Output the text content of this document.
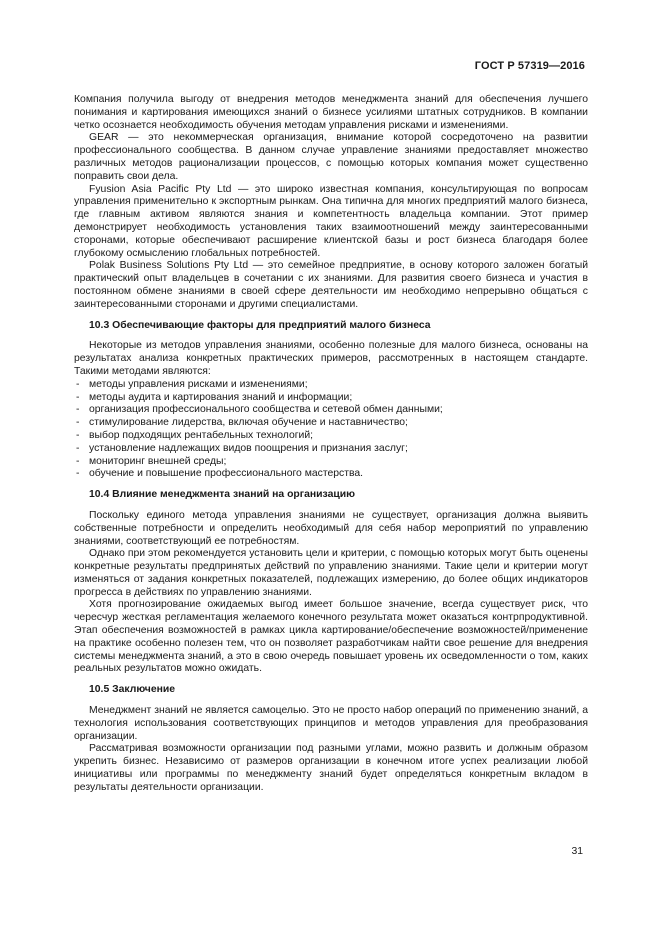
ГОСТ Р 57319—2016

Компания получила выгоду от внедрения методов менеджмента знаний для обеспечения лучшего понимания и картирования имеющихся знаний о бизнесе усилиями штатных сотрудников. В компании четко осознается необходимость обучения методам управления рисками и изменениями.

GEAR — это некоммерческая организация, внимание которой сосредоточено на развитии профессионального сообщества. В данном случае управление знаниями предоставляет множество различных методов рационализации процессов, с помощью которых компания может существенно поправить свои дела.

Fyusion Asia Pacific Pty Ltd — это широко известная компания, консультирующая по вопросам управления применительно к экспортным рынкам. Она типична для многих предприятий малого бизнеса, где главным активом являются знания и компетентность владельца компании. Этот пример демонстрирует необходимость установления таких взаимоотношений между заинтересованными сторонами, которые обеспечивают расширение клиентской базы и рост бизнеса благодаря более глубокому осмыслению глобальных потребностей.

Polak Business Solutions Pty Ltd — это семейное предприятие, в основу которого заложен богатый практический опыт владельцев в сочетании с их знаниями. Для развития своего бизнеса и участия в постоянном обмене знаниями в своей сфере деятельности им необходимо непрерывно общаться с заинтересованными сторонами и другими специалистами.

10.3 Обеспечивающие факторы для предприятий малого бизнеса

Некоторые из методов управления знаниями, особенно полезные для малого бизнеса, основаны на результатах анализа конкретных практических примеров, рассмотренных в настоящем стандарте. Такими методами являются:

- методы управления рисками и изменениями;
- методы аудита и картирования знаний и информации;
- организация профессионального сообщества и сетевой обмен данными;
- стимулирование лидерства, включая обучение и наставничество;
- выбор подходящих рентабельных технологий;
- установление надлежащих видов поощрения и признания заслуг;
- мониторинг внешней среды;
- обучение и повышение профессионального мастерства.
10.4 Влияние менеджмента знаний на организацию

Поскольку единого метода управления знаниями не существует, организация должна выявить собственные потребности и определить необходимый для себя набор мероприятий по управлению знаниями, соответствующий ее потребностям.

Однако при этом рекомендуется установить цели и критерии, с помощью которых могут быть оценены конкретные результаты предпринятых действий по управлению знаниями. Такие цели и критерии могут изменяться от задания конкретных показателей, подлежащих измерению, до более общих индикаторов прогресса в действиях по управлению знаниями.

Хотя прогнозирование ожидаемых выгод имеет большое значение, всегда существует риск, что чересчур жесткая регламентация желаемого конечного результата может оказаться контрпродуктивной. Этап обеспечения возможностей в рамках цикла картирование/обеспечение возможностей/применение на практике особенно полезен тем, что он позволяет разработчикам найти свое решение для внедрения системы менеджмента знаний, а это в свою очередь повышает уровень их осведомленности о том, каких реальных результатов можно ожидать.

10.5 Заключение

Менеджмент знаний не является самоцелью. Это не просто набор операций по применению знаний, а технология использования соответствующих принципов и методов управления для преобразования организации.

Рассматривая возможности организации под разными углами, можно развить и должным образом укрепить бизнес. Независимо от размеров организации в конечном итоге успех реализации любой инициативы или программы по менеджменту знаний будет определяться конкретным вкладом в результаты деятельности организации.

31
